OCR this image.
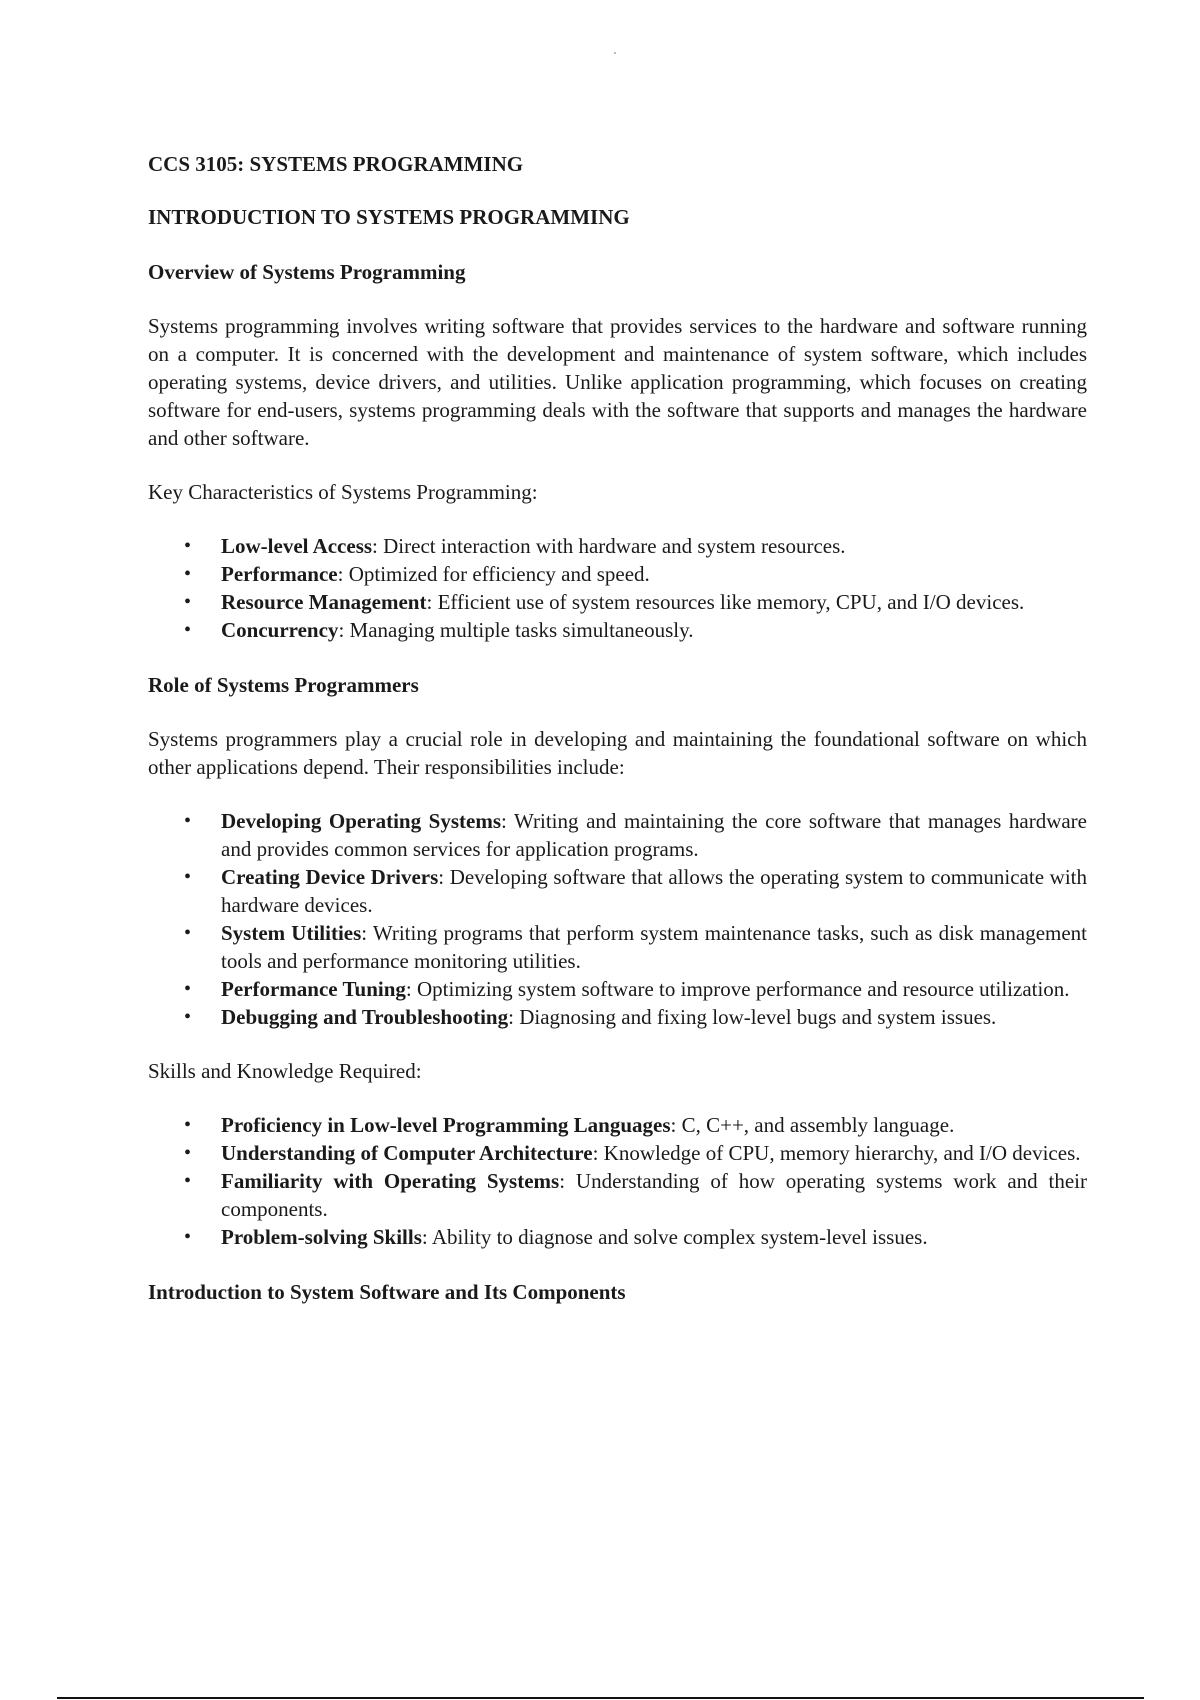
CCS 3105: SYSTEMS PROGRAMMING

INTRODUCTION TO SYSTEMS PROGRAMMING

Overview of Systems Programming

Systems programming involves writing software that provides services to the hardware and software running on a computer. It is concerned with the development and maintenance of system software, which includes operating systems, device drivers, and utilities. Unlike application programming, which focuses on creating software for end-users, systems programming deals with the software that supports and manages the hardware and other software.

Key Characteristics of Systems Programming:

• Low-level Access: Direct interaction with hardware and system resources.
• Performance: Optimized for efficiency and speed.
• Resource Management: Efficient use of system resources like memory, CPU, and I/O devices.
• Concurrency: Managing multiple tasks simultaneously.

Role of Systems Programmers

Systems programmers play a crucial role in developing and maintaining the foundational software on which other applications depend. Their responsibilities include:

• Developing Operating Systems: Writing and maintaining the core software that manages hardware and provides common services for application programs.
• Creating Device Drivers: Developing software that allows the operating system to communicate with hardware devices.
• System Utilities: Writing programs that perform system maintenance tasks, such as disk management tools and performance monitoring utilities.
• Performance Tuning: Optimizing system software to improve performance and resource utilization.
• Debugging and Troubleshooting: Diagnosing and fixing low-level bugs and system issues.

Skills and Knowledge Required:

• Proficiency in Low-level Programming Languages: C, C++, and assembly language.
• Understanding of Computer Architecture: Knowledge of CPU, memory hierarchy, and I/O devices.
• Familiarity with Operating Systems: Understanding of how operating systems work and their components.
• Problem-solving Skills: Ability to diagnose and solve complex system-level issues.

Introduction to System Software and Its Components
